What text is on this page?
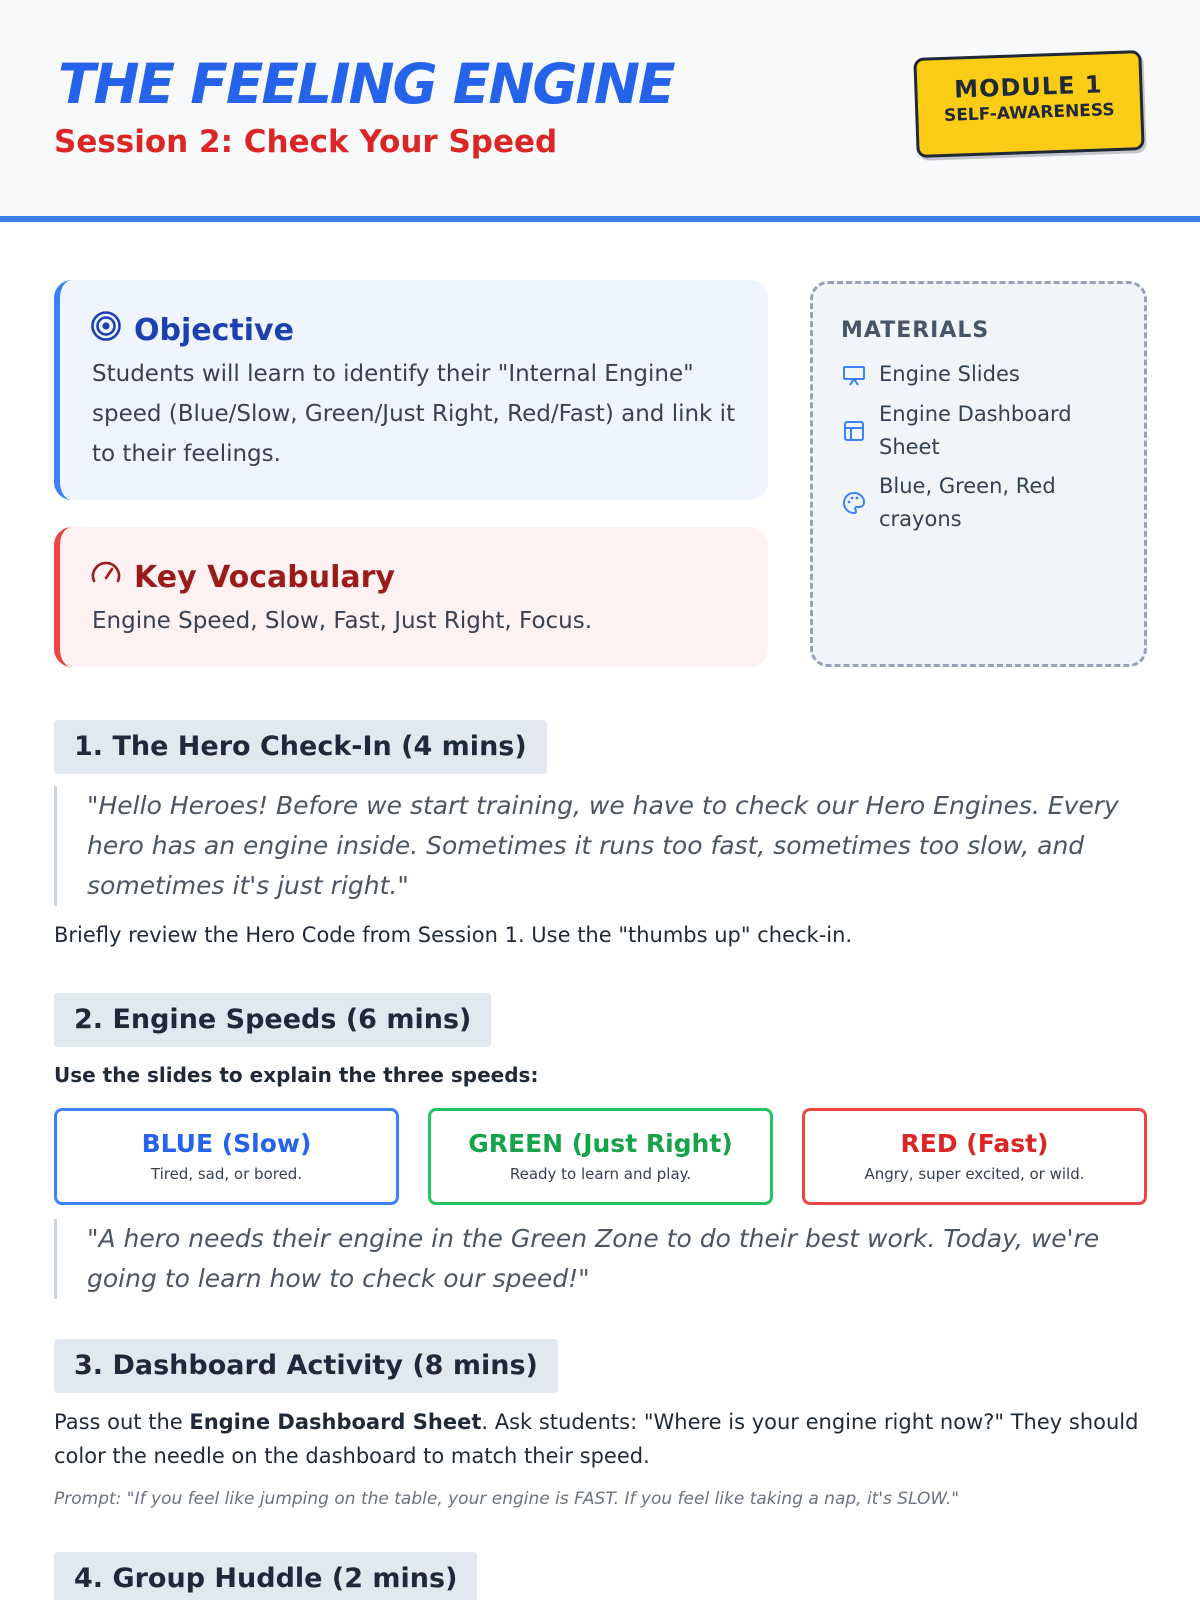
THE FEELING ENGINE
Session 2: Check Your Speed
MODULE 1
SELF-AWARENESS
Objective
Students will learn to identify their "Internal Engine" speed (Blue/Slow, Green/Just Right, Red/Fast) and link it to their feelings.
Key Vocabulary
Engine Speed, Slow, Fast, Just Right, Focus.
MATERIALS
Engine Slides
Engine Dashboard Sheet
Blue, Green, Red crayons
1. The Hero Check-In (4 mins)
"Hello Heroes! Before we start training, we have to check our Hero Engines. Every hero has an engine inside. Sometimes it runs too fast, sometimes too slow, and sometimes it's just right."
Briefly review the Hero Code from Session 1. Use the "thumbs up" check-in.
2. Engine Speeds (6 mins)
Use the slides to explain the three speeds:
BLUE (Slow)
Tired, sad, or bored.
GREEN (Just Right)
Ready to learn and play.
RED (Fast)
Angry, super excited, or wild.
"A hero needs their engine in the Green Zone to do their best work. Today, we're going to learn how to check our speed!"
3. Dashboard Activity (8 mins)
Pass out the Engine Dashboard Sheet. Ask students: "Where is your engine right now?" They should color the needle on the dashboard to match their speed.
Prompt: "If you feel like jumping on the table, your engine is FAST. If you feel like taking a nap, it's SLOW."
4. Group Huddle (2 mins)
